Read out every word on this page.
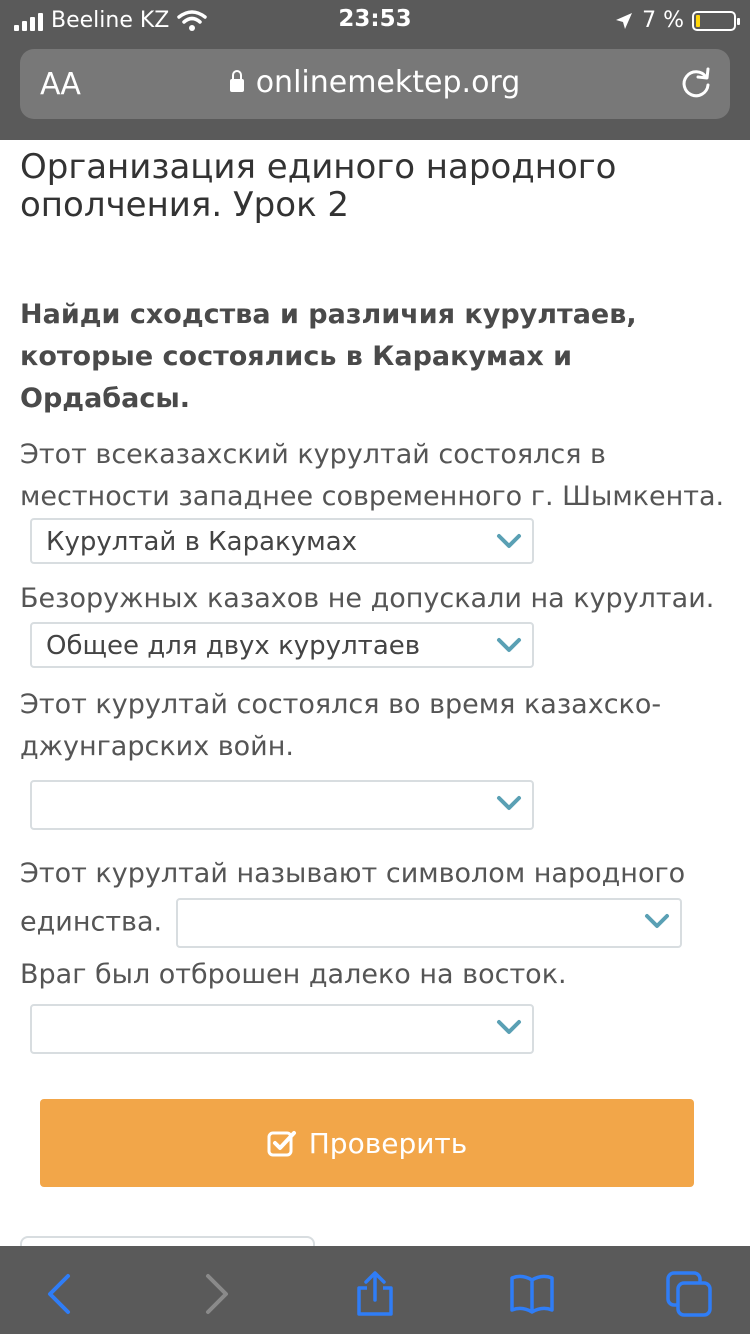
Beeline KZ	23:53	7 %
AA	onlinemektep.org
Организация единого народного ополчения. Урок 2
Найди сходства и различия курултаев, которые состоялись в Каракумах и Ордабасы.
Этот всеказахский курултай состоялся в местности западнее современного г. Шымкента.
Курултай в Каракумах
Безоружных казахов не допускали на курултаи.
Общее для двух курултаев
Этот курултай состоялся во время казахско-джунгарских войн.
Этот курултай называют символом народного единства.
Враг был отброшен далеко на восток.
Проверить
